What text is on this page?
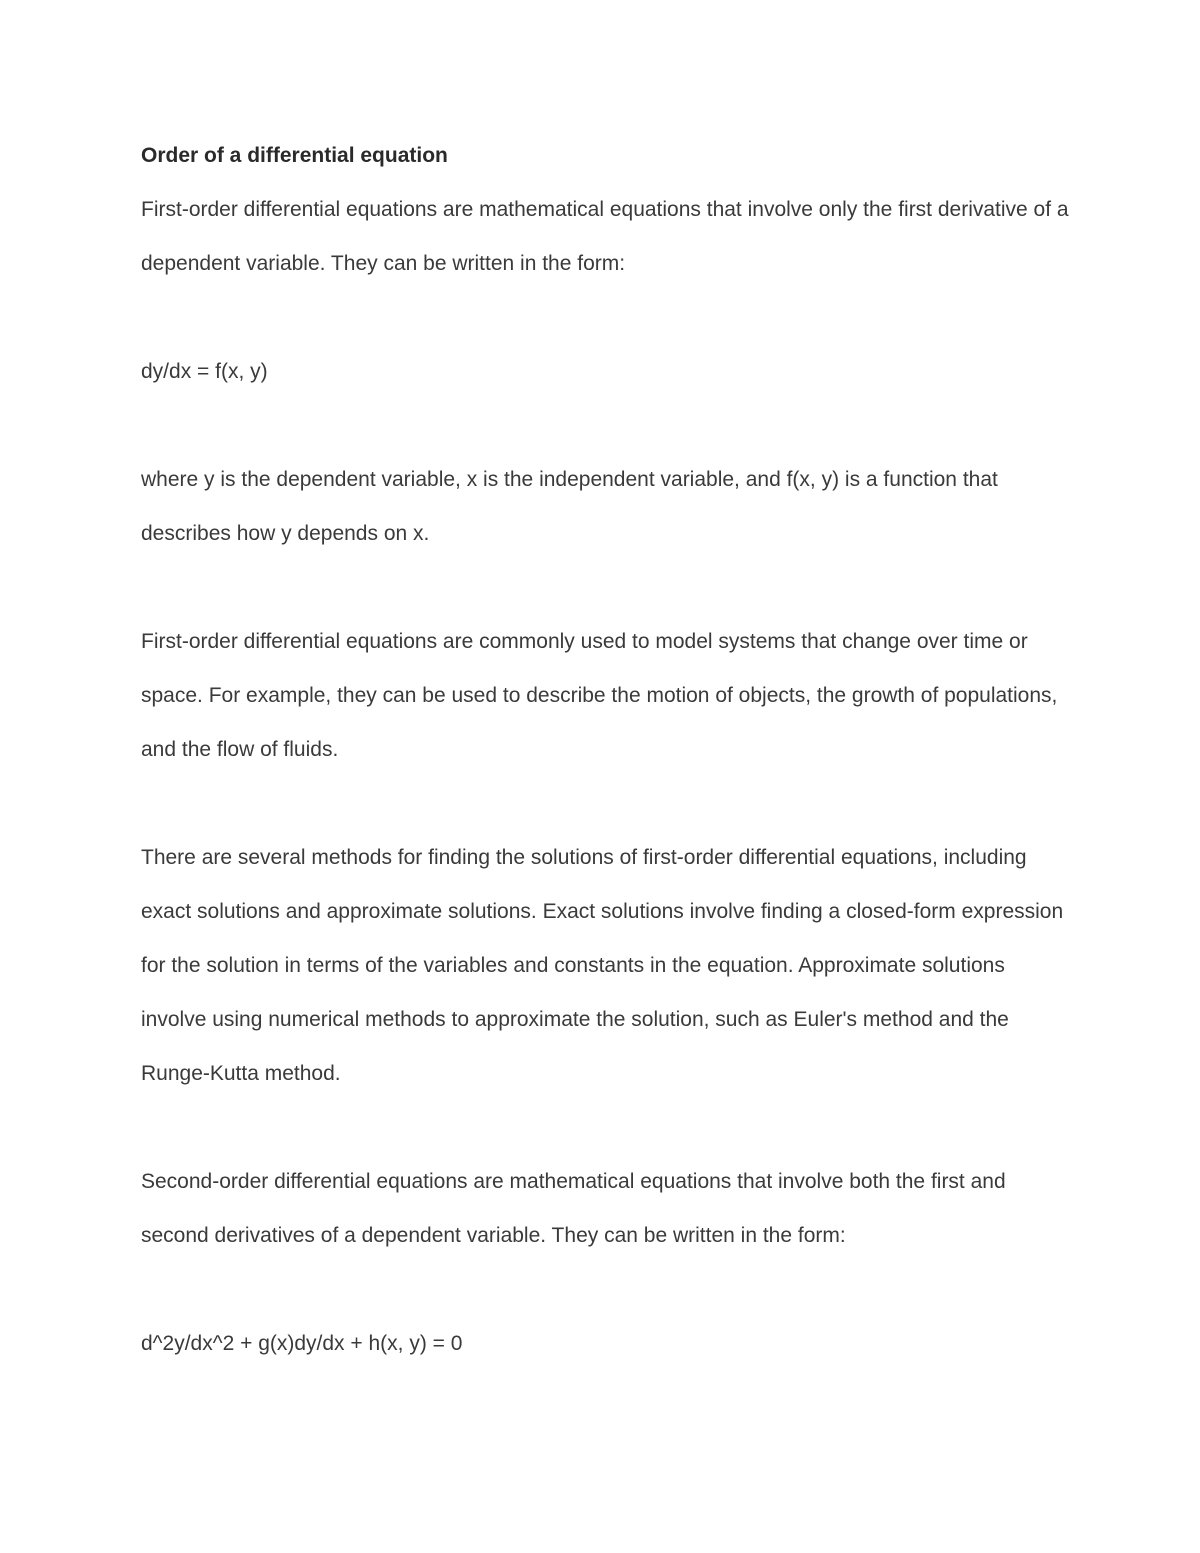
Order of a differential equation

First-order differential equations are mathematical equations that involve only the first derivative of a dependent variable. They can be written in the form:

dy/dx = f(x, y)

where y is the dependent variable, x is the independent variable, and f(x, y) is a function that describes how y depends on x.

First-order differential equations are commonly used to model systems that change over time or space. For example, they can be used to describe the motion of objects, the growth of populations, and the flow of fluids.

There are several methods for finding the solutions of first-order differential equations, including exact solutions and approximate solutions. Exact solutions involve finding a closed-form expression for the solution in terms of the variables and constants in the equation. Approximate solutions involve using numerical methods to approximate the solution, such as Euler's method and the Runge-Kutta method.

Second-order differential equations are mathematical equations that involve both the first and second derivatives of a dependent variable. They can be written in the form:

d^2y/dx^2 + g(x)dy/dx + h(x, y) = 0
